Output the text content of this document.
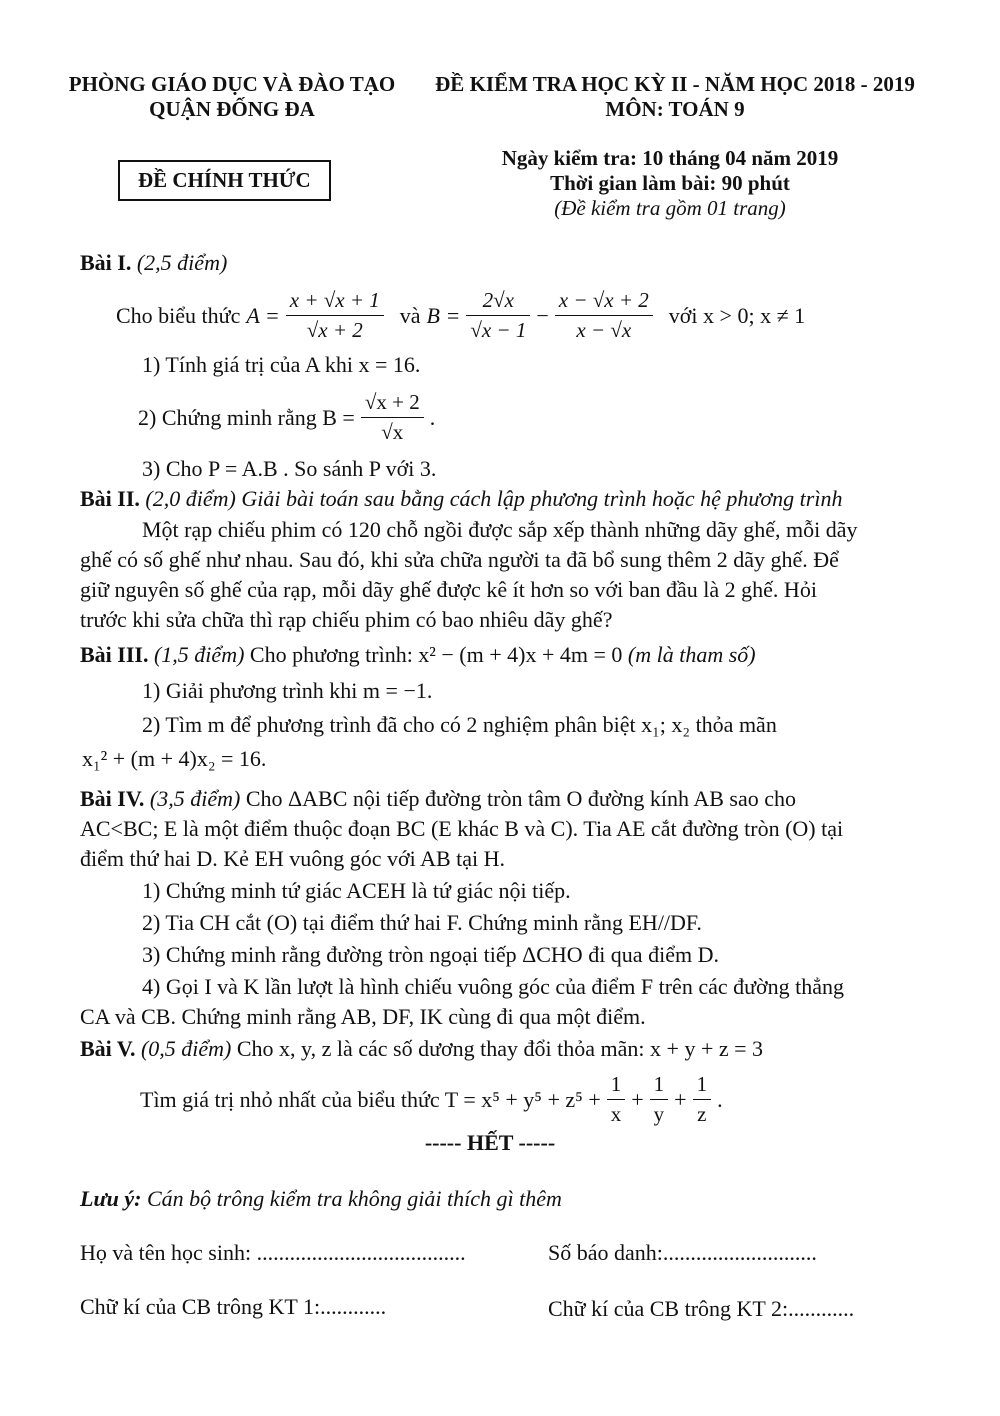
PHÒNG GIÁO DỤC VÀ ĐÀO TẠO
QUẬN ĐỐNG ĐA
ĐỀ KIỂM TRA HỌC KỲ II - NĂM HỌC 2018 - 2019
MÔN: TOÁN 9
ĐỀ CHÍNH THỨC
Ngày kiểm tra: 10 tháng 04 năm 2019
Thời gian làm bài: 90 phút
(Đề kiểm tra gồm 01 trang)
Bài I. (2,5 điểm)
Cho biểu thức $A = \frac{x + √x + 1}{√x + 2}$ và $B = \frac{2√x}{√x - 1} - \frac{x - √x + 2}{x - √x}$ với x > 0; x ≠ 1
1) Tính giá trị của A khi x = 16.
2) Chứng minh rằng $B = \frac{√x + 2}{√x}$ .
3) Cho P = A.B . So sánh P với 3.
Bài II. (2,0 điểm) Giải bài toán sau bằng cách lập phương trình hoặc hệ phương trình
Một rạp chiếu phim có 120 chỗ ngồi được sắp xếp thành những dãy ghế, mỗi dãy
ghế có số ghế như nhau. Sau đó, khi sửa chữa người ta đã bổ sung thêm 2 dãy ghế. Để
giữ nguyên số ghế của rạp, mỗi dãy ghế được kê ít hơn so với ban đầu là 2 ghế. Hỏi
trước khi sửa chữa thì rạp chiếu phim có bao nhiêu dãy ghế?
Bài III. (1,5 điểm) Cho phương trình: x² − (m + 4)x + 4m = 0 (m là tham số)
1) Giải phương trình khi m = −1.
2) Tìm m để phương trình đã cho có 2 nghiệm phân biệt x₁; x₂ thỏa mãn
x₁² + (m + 4)x₂ = 16.
Bài IV. (3,5 điểm) Cho ΔABC nội tiếp đường tròn tâm O đường kính AB sao cho
AC<BC; E là một điểm thuộc đoạn BC (E khác B và C). Tia AE cắt đường tròn (O) tại
điểm thứ hai D. Kẻ EH vuông góc với AB tại H.
1) Chứng minh tứ giác ACEH là tứ giác nội tiếp.
2) Tia CH cắt (O) tại điểm thứ hai F. Chứng minh rằng EH//DF.
3) Chứng minh rằng đường tròn ngoại tiếp ΔCHO đi qua điểm D.
4) Gọi I và K lần lượt là hình chiếu vuông góc của điểm F trên các đường thẳng
CA và CB. Chứng minh rằng AB, DF, IK cùng đi qua một điểm.
Bài V. (0,5 điểm) Cho x, y, z là các số dương thay đổi thỏa mãn: x + y + z = 3
Tìm giá trị nhỏ nhất của biểu thức $T = x^5 + y^5 + z^5 + \frac{1}{x} + \frac{1}{y} + \frac{1}{z}$ .
----- HẾT -----
Lưu ý: Cán bộ trông kiểm tra không giải thích gì thêm
Họ và tên học sinh: ......................................	Số báo danh:............................
Chữ kí của CB trông KT 1:............	Chữ kí của CB trông KT 2:............
